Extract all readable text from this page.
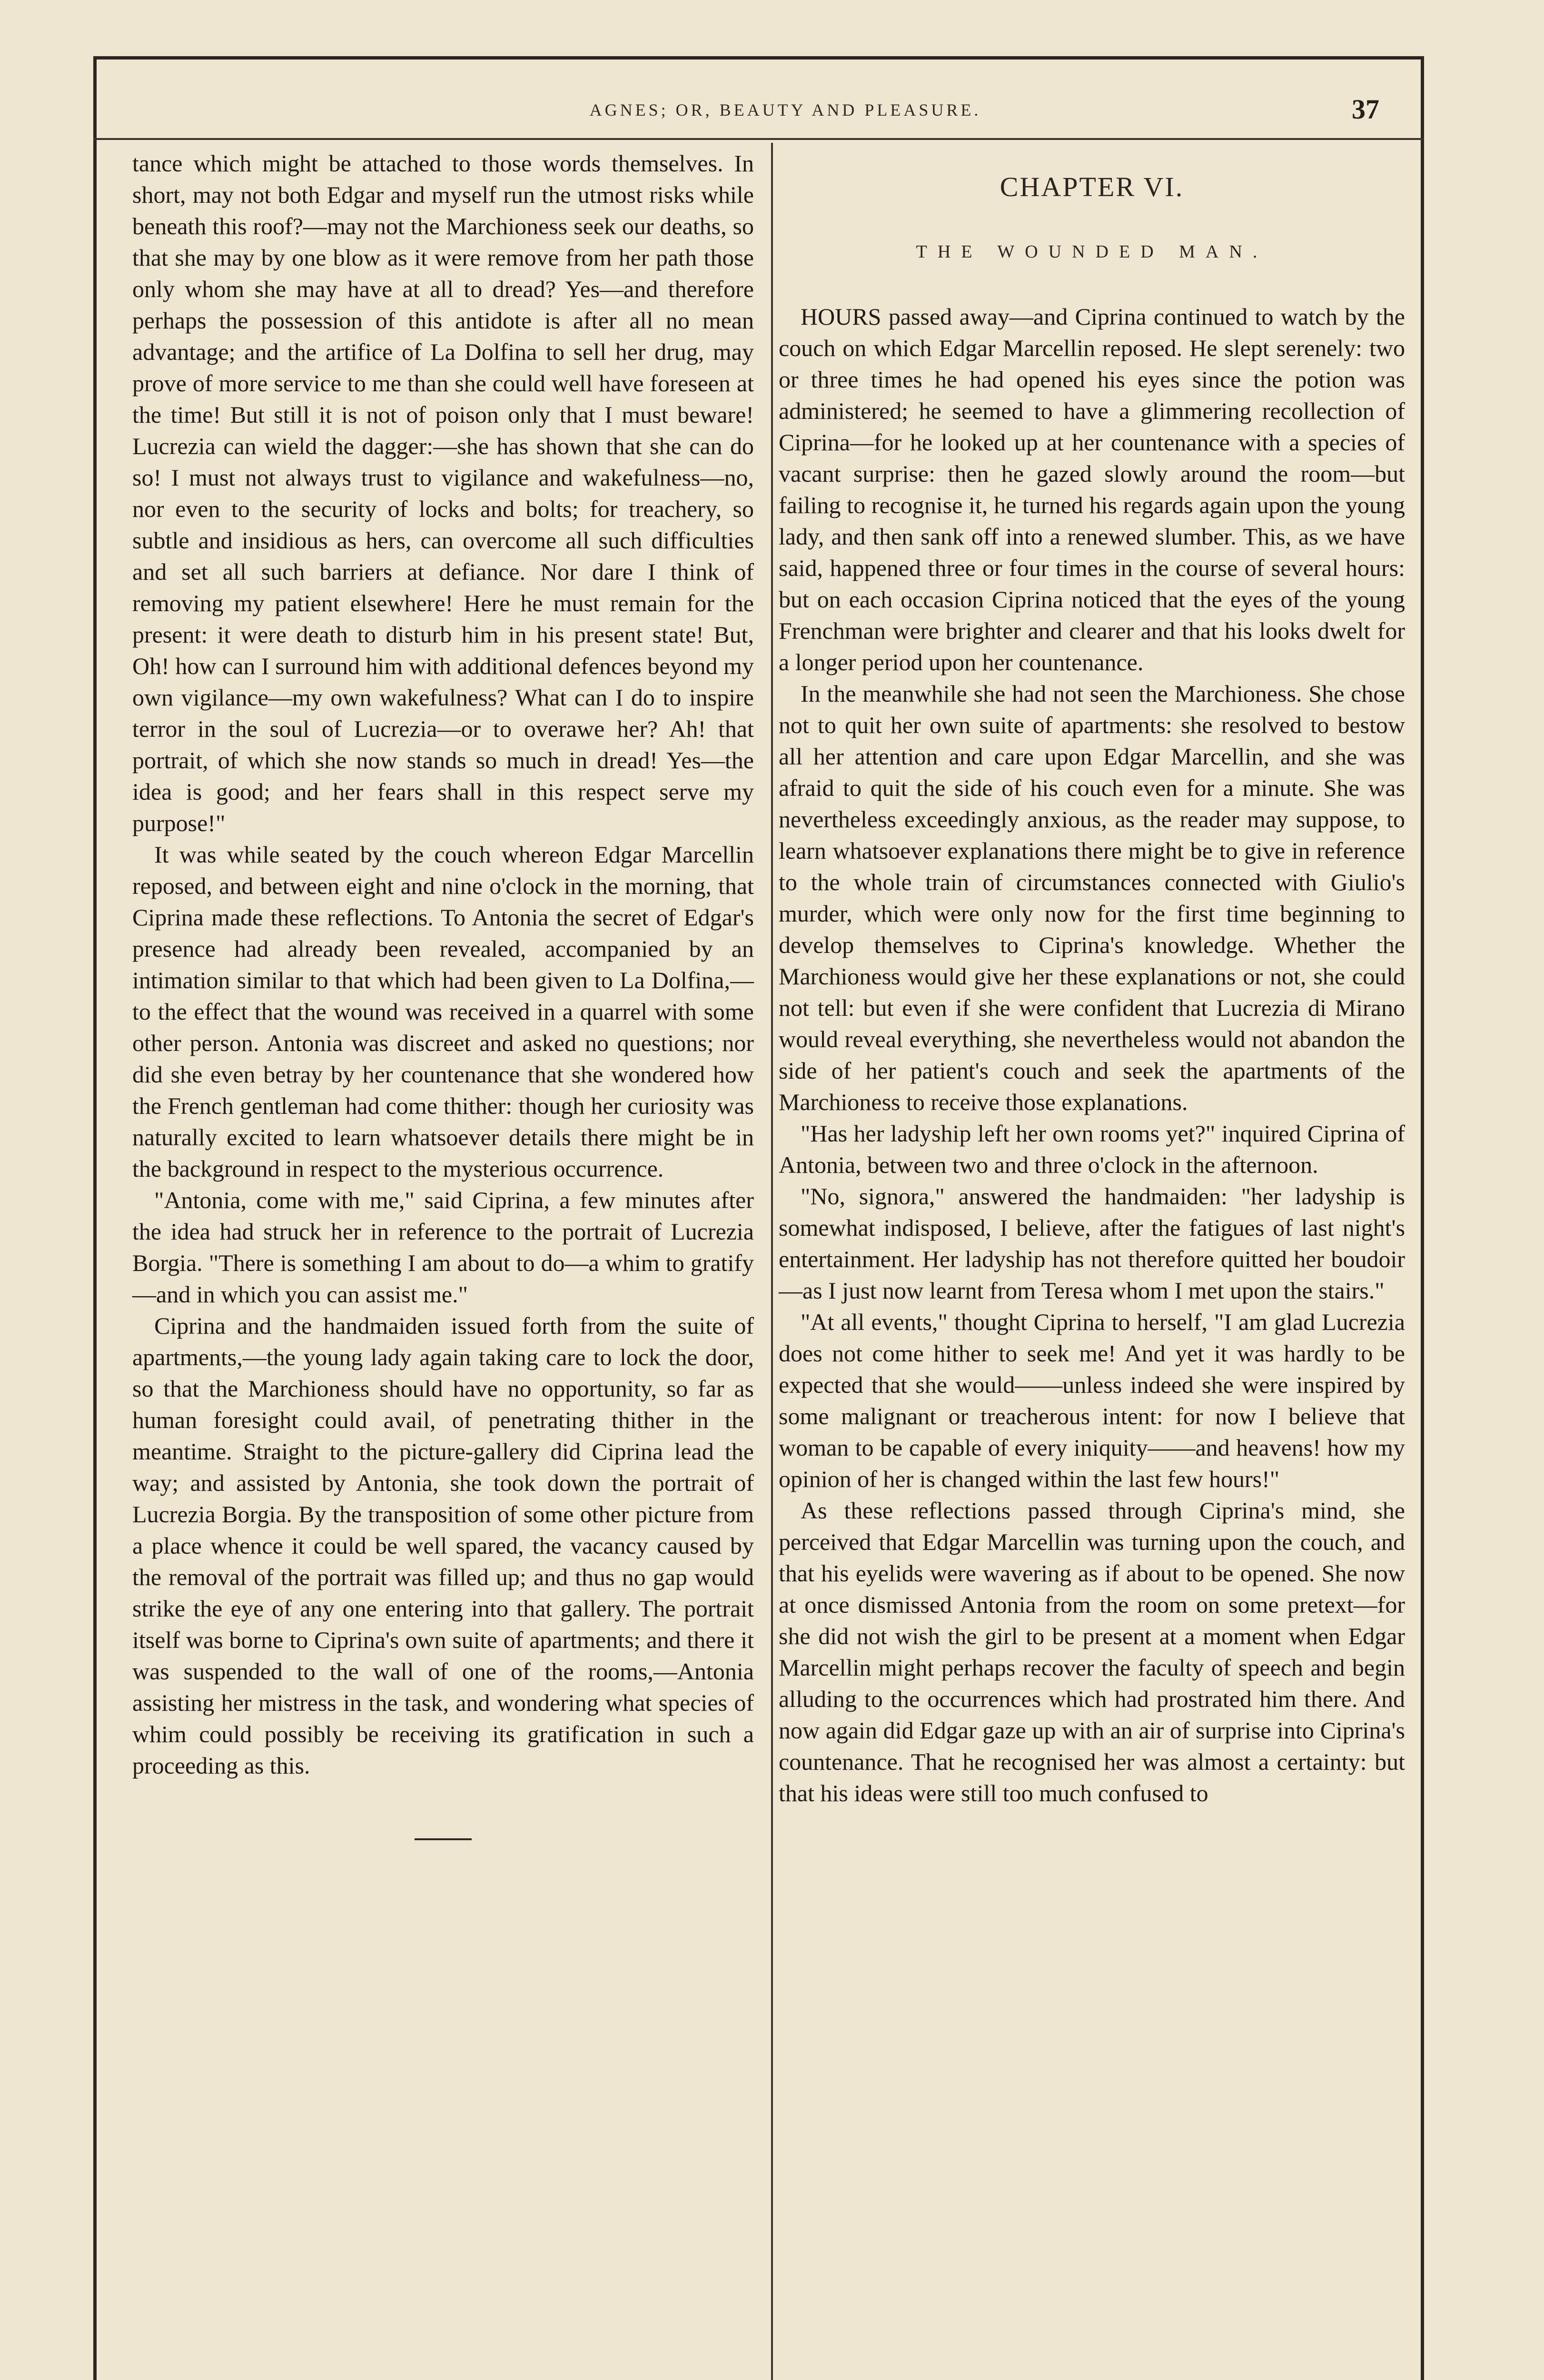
AGNES; OR, BEAUTY AND PLEASURE.	37

tance which might be attached to those words themselves. In short, may not both Edgar and myself run the utmost risks while beneath this roof?—may not the Marchioness seek our deaths, so that she may by one blow as it were remove from her path those only whom she may have at all to dread? Yes—and therefore perhaps the possession of this antidote is after all no mean advantage; and the artifice of La Dolfina to sell her drug, may prove of more service to me than she could well have foreseen at the time! But still it is not of poison only that I must beware! Lucrezia can wield the dagger:—she has shown that she can do so! I must not always trust to vigilance and wakefulness—no, nor even to the security of locks and bolts; for treachery, so subtle and insidious as hers, can overcome all such difficulties and set all such barriers at defiance. Nor dare I think of removing my patient elsewhere! Here he must remain for the present: it were death to disturb him in his present state! But, Oh! how can I surround him with additional defences beyond my own vigilance—my own wakefulness? What can I do to inspire terror in the soul of Lucrezia—or to overawe her? Ah! that portrait, of which she now stands so much in dread! Yes—the idea is good; and her fears shall in this respect serve my purpose!"

It was while seated by the couch whereon Edgar Marcellin reposed, and between eight and nine o'clock in the morning, that Ciprina made these reflections. To Antonia the secret of Edgar's presence had already been revealed, accompanied by an intimation similar to that which had been given to La Dolfina,—to the effect that the wound was received in a quarrel with some other person. Antonia was discreet and asked no questions; nor did she even betray by her countenance that she wondered how the French gentleman had come thither: though her curiosity was naturally excited to learn whatsoever details there might be in the background in respect to the mysterious occurrence.

"Antonia, come with me," said Ciprina, a few minutes after the idea had struck her in reference to the portrait of Lucrezia Borgia. "There is something I am about to do—a whim to gratify—and in which you can assist me."

Ciprina and the handmaiden issued forth from the suite of apartments,—the young lady again taking care to lock the door, so that the Marchioness should have no opportunity, so far as human foresight could avail, of penetrating thither in the meantime. Straight to the picture-gallery did Ciprina lead the way; and assisted by Antonia, she took down the portrait of Lucrezia Borgia. By the transposition of some other picture from a place whence it could be well spared, the vacancy caused by the removal of the portrait was filled up; and thus no gap would strike the eye of any one entering into that gallery. The portrait itself was borne to Ciprina's own suite of apartments; and there it was suspended to the wall of one of the rooms,—Antonia assisting her mistress in the task, and wondering what species of whim could possibly be receiving its gratification in such a proceeding as this.

CHAPTER VI.
THE WOUNDED MAN.

HOURS passed away—and Ciprina continued to watch by the couch on which Edgar Marcellin reposed. He slept serenely: two or three times he had opened his eyes since the potion was administered; he seemed to have a glimmering recollection of Ciprina—for he looked up at her countenance with a species of vacant surprise: then he gazed slowly around the room—but failing to recognise it, he turned his regards again upon the young lady, and then sank off into a renewed slumber. This, as we have said, happened three or four times in the course of several hours: but on each occasion Ciprina noticed that the eyes of the young Frenchman were brighter and clearer and that his looks dwelt for a longer period upon her countenance.

In the meanwhile she had not seen the Marchioness. She chose not to quit her own suite of apartments: she resolved to bestow all her attention and care upon Edgar Marcellin, and she was afraid to quit the side of his couch even for a minute. She was nevertheless exceedingly anxious, as the reader may suppose, to learn whatsoever explanations there might be to give in reference to the whole train of circumstances connected with Giulio's murder, which were only now for the first time beginning to develop themselves to Ciprina's knowledge. Whether the Marchioness would give her these explanations or not, she could not tell: but even if she were confident that Lucrezia di Mirano would reveal everything, she nevertheless would not abandon the side of her patient's couch and seek the apartments of the Marchioness to receive those explanations.

"Has her ladyship left her own rooms yet?" inquired Ciprina of Antonia, between two and three o'clock in the afternoon.

"No, signora," answered the handmaiden: "her ladyship is somewhat indisposed, I believe, after the fatigues of last night's entertainment. Her ladyship has not therefore quitted her boudoir—as I just now learnt from Teresa whom I met upon the stairs."

"At all events," thought Ciprina to herself, "I am glad Lucrezia does not come hither to seek me! And yet it was hardly to be expected that she would——unless indeed she were inspired by some malignant or treacherous intent: for now I believe that woman to be capable of every iniquity——and heavens! how my opinion of her is changed within the last few hours!"

As these reflections passed through Ciprina's mind, she perceived that Edgar Marcellin was turning upon the couch, and that his eyelids were wavering as if about to be opened. She now at once dismissed Antonia from the room on some pretext—for she did not wish the girl to be present at a moment when Edgar Marcellin might perhaps recover the faculty of speech and begin alluding to the occurrences which had prostrated him there. And now again did Edgar gaze up with an air of surprise into Ciprina's countenance. That he recognised her was almost a certainty: but that his ideas were still too much confused to
